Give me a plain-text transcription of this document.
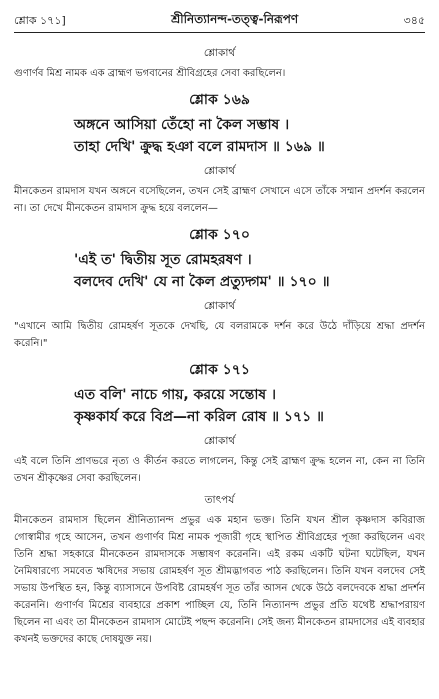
শ্লোক ১৭১]	শ্রীনিত্যানন্দ-তত্ত্ব-নিরূপণ	৩৪৫
শ্লোকার্থ
গুণার্ণব মিশ্র নামক এক ব্রাহ্মণ ভগবানের শ্রীবিগ্রহের সেবা করছিলেন।
শ্লোক ১৬৯
অঙ্গনে আসিয়া তেঁহো না কৈল সম্ভাষ ।
তাহা দেখি' ক্রুদ্ধ হঞা বলে রামদাস ॥ ১৬৯ ॥
শ্লোকার্থ
মীনকেতন রামদাস যখন অঙ্গনে বসেছিলেন, তখন সেই ব্রাহ্মণ সেখানে এসে তাঁকে সম্মান প্রদর্শন করলেন না। তা দেখে মীনকেতন রামদাস ক্রুদ্ধ হয়ে বললেন—
শ্লোক ১৭০
'এই ত' দ্বিতীয় সূত রোমহরষণ ।
বলদেব দেখি' যে না কৈল প্রত্যুদ্গম' ॥ ১৭০ ॥
শ্লোকার্থ
"এখানে আমি দ্বিতীয় রোমহর্ষণ সূতকে দেখছি, যে বলরামকে দর্শন করে উঠে দাঁড়িয়ে শ্রদ্ধা প্রদর্শন করেনি।"
শ্লোক ১৭১
এত বলি' নাচে গায়, করয়ে সন্তোষ ।
কৃষ্ণকার্য করে বিপ্র—না করিল রোষ ॥ ১৭১ ॥
শ্লোকার্থ
এই বলে তিনি প্রাণভরে নৃত্য ও কীর্তন করতে লাগলেন, কিন্তু সেই ব্রাহ্মণ ক্রুদ্ধ হলেন না, কেন না তিনি তখন শ্রীকৃষ্ণের সেবা করছিলেন।
তাৎপর্য
মীনকেতন রামদাস ছিলেন শ্রীনিত্যানন্দ প্রভুর এক মহান ভক্ত। তিনি যখন শ্রীল কৃষ্ণদাস কবিরাজ গোস্বামীর গৃহে আসেন, তখন গুণার্ণব মিশ্র নামক পূজারী গৃহে স্থাপিত শ্রীবিগ্রহের পূজা করছিলেন এবং তিনি শ্রদ্ধা সহকারে মীনকেতন রামদাসকে সম্ভাষণ করেননি। এই রকম একটি ঘটনা ঘটেছিল, যখন নৈমিষারণ্যে সমবেত ঋষিদের সভায় রোমহর্ষণ সূত শ্রীমদ্ভাগবত পাঠ করছিলেন। তিনি যখন বলদেব সেই সভায় উপস্থিত হন, কিন্তু ব্যাসাসনে উপবিষ্ট রোমহর্ষণ সূত তাঁর আসন থেকে উঠে বলদেবকে শ্রদ্ধা প্রদর্শন করেননি। গুণার্ণব মিশ্রের ব্যবহারে প্রকাশ পাচ্ছিল যে, তিনি নিত্যানন্দ প্রভুর প্রতি যথেষ্ট শ্রদ্ধাপরায়ণ ছিলেন না এবং তা মীনকেতন রামদাস মোটেই পছন্দ করেননি। সেই জন্য মীনকেতন রামদাসের এই ব্যবহার কখনই ভক্তদের কাছে দোষযুক্ত নয়।
